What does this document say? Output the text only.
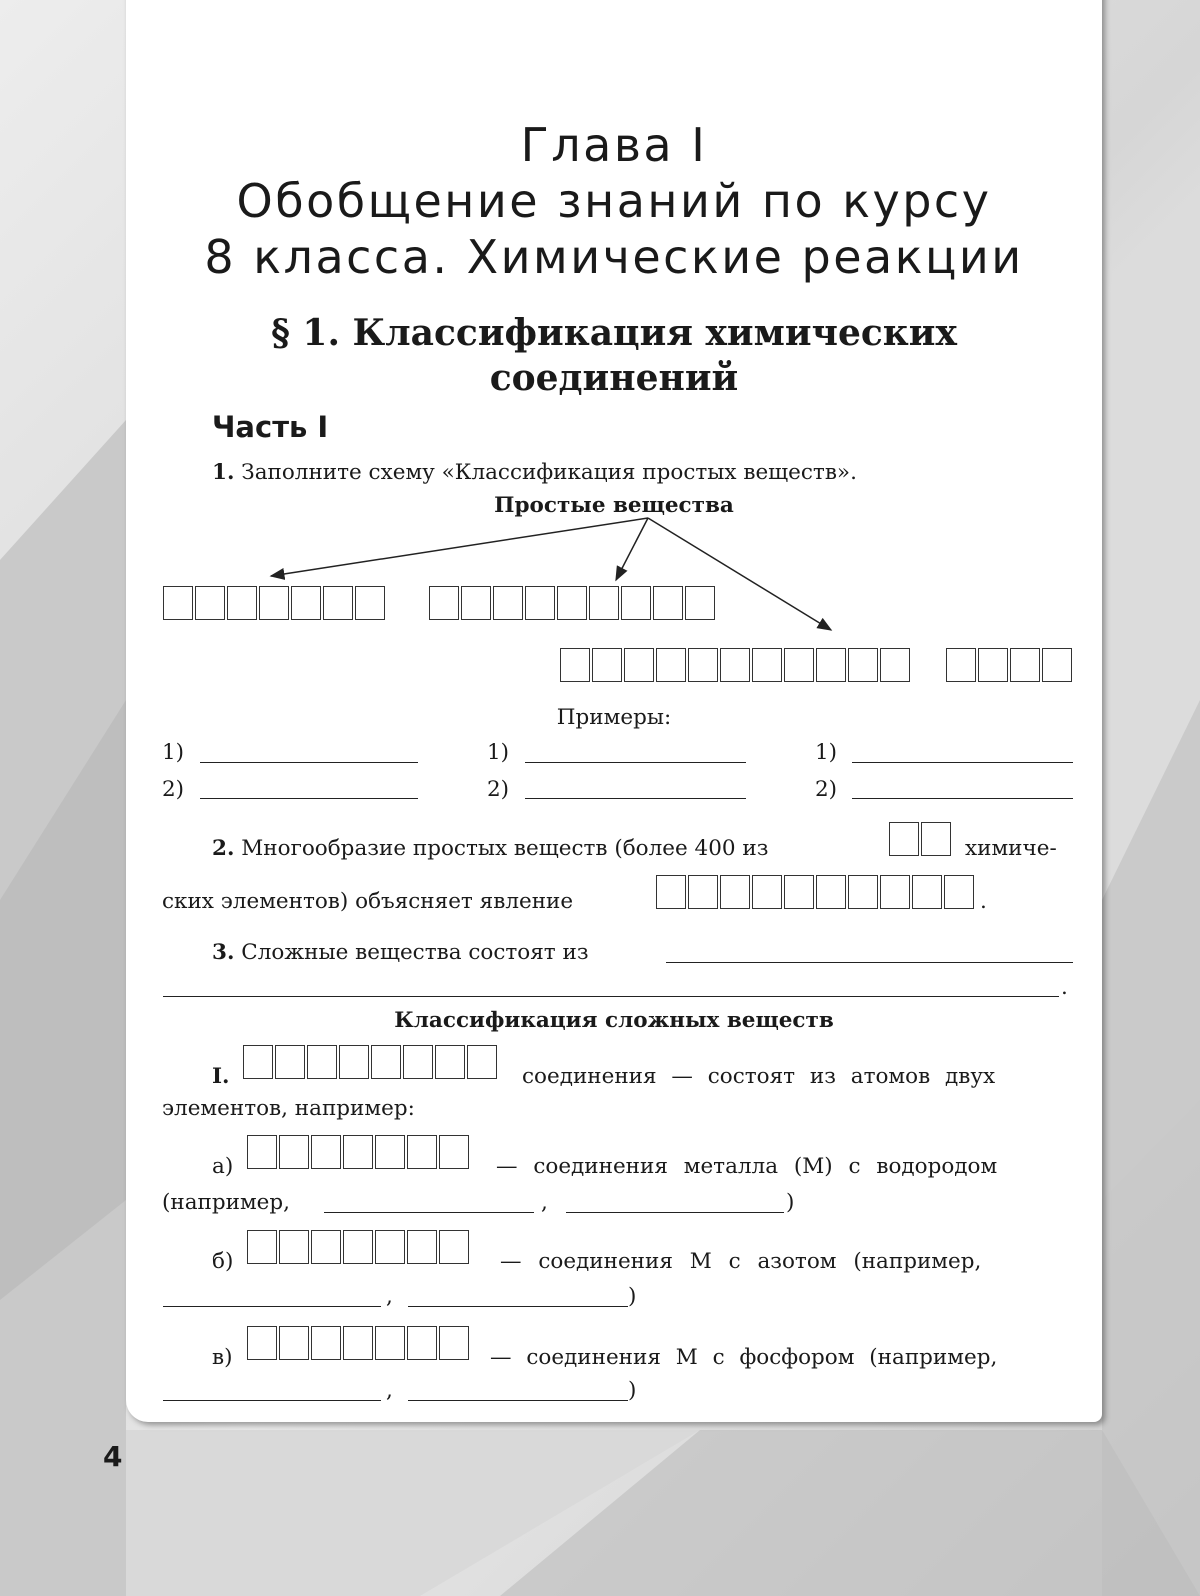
Глава I
Обобщение знаний по курсу
8 класса. Химические реакции
§ 1. Классификация химических
соединений
Часть I
1. Заполните схему «Классификация простых веществ».
Простые вещества
Примеры:
1)	1)	1)
2)	2)	2)
2. Многообразие простых веществ (более 400 из	химиче-
ских элементов) объясняет явление	.
3. Сложные вещества состоят из
.
Классификация сложных веществ
I.	соединения — состоят из атомов двух
элементов, например:
а)	— соединения металла (М) с водородом
(например,	,	)
б)	— соединения М с азотом (например,
,	)
в)	— соединения М с фосфором (например,
,	)
4
